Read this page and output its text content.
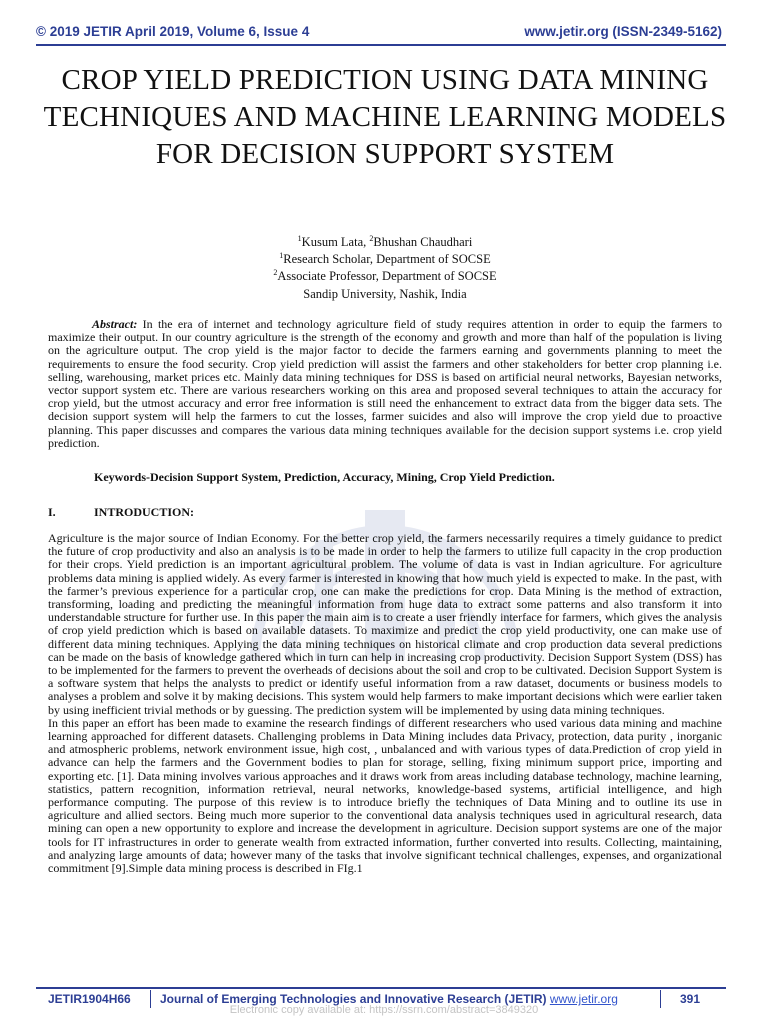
© 2019 JETIR April 2019, Volume 6, Issue 4	www.jetir.org (ISSN-2349-5162)
CROP YIELD PREDICTION USING DATA MINING TECHNIQUES AND MACHINE LEARNING MODELS FOR DECISION SUPPORT SYSTEM
$^1$Kusum Lata, $^2$Bhushan Chaudhari
$^1$Research Scholar, Department of SOCSE
$^2$Associate Professor, Department of SOCSE
Sandip University, Nashik, India
Abstract: In the era of internet and technology agriculture field of study requires attention in order to equip the farmers to maximize their output. In our country agriculture is the strength of the economy and growth and more than half of the population is living on the agriculture output. The crop yield is the major factor to decide the farmers earning and governments planning to meet the requirements to ensure the food security. Crop yield prediction will assist the farmers and other stakeholders for better crop planning i.e. selling, warehousing, market prices etc. Mainly data mining techniques for DSS is based on artificial neural networks, Bayesian networks, vector support system etc. There are various researchers working on this area and proposed several techniques to attain the accuracy for crop yield, but the utmost accuracy and error free information is still need the enhancement to extract data from the bigger data sets. The decision support system will help the farmers to cut the losses, farmer suicides and also will improve the crop yield due to proactive planning. This paper discusses and compares the various data mining techniques available for the decision support systems i.e. crop yield prediction.
Keywords-Decision Support System, Prediction, Accuracy, Mining, Crop Yield Prediction.
I.	INTRODUCTION:

Agriculture is the major source of Indian Economy. For the better crop yield, the farmers necessarily requires a timely guidance to predict the future of crop productivity and also an analysis is to be made in order to help the farmers to utilize full capacity in the crop production for their crops. Yield prediction is an important agricultural problem. The volume of data is vast in Indian agriculture. For agriculture problems data mining is applied widely. As every farmer is interested in knowing that how much yield is expected to make. In the past, with the farmer’s previous experience for a particular crop, one can make the predictions for crop. Data Mining is the method of extraction, transforming, loading and predicting the meaningful information from huge data to extract some patterns and also transform it into understandable structure for further use. In this paper the main aim is to create a user friendly interface for farmers, which gives the analysis of crop yield prediction which is based on available datasets. To maximize and predict the crop yield productivity, one can make use of different data mining techniques. Applying the data mining techniques on historical climate and crop production data several predictions can be made on the basis of knowledge gathered which in turn can help in increasing crop productivity. Decision Support System (DSS) has to be implemented for the farmers to prevent the overheads of decisions about the soil and crop to be cultivated. Decision Support System is a software system that helps the analysts to predict or identify useful information from a raw dataset, documents or business models to analyses a problem and solve it by making decisions. This system would help farmers to make important decisions which were earlier taken by using inefficient trivial methods or by guessing. The prediction system will be implemented by using data mining techniques.

In this paper an effort has been made to examine the research findings of different researchers who used various data mining and machine learning approached for different datasets. Challenging problems in Data Mining includes data Privacy, protection, data purity , inorganic and atmospheric problems, network environment issue, high cost, , unbalanced and with various types of data.Prediction of crop yield in advance can help the farmers and the Government bodies to plan for storage, selling, fixing minimum support price, importing and exporting etc. [1]. Data mining involves various approaches and it draws work from areas including database technology, machine learning, statistics, pattern recognition, information retrieval, neural networks, knowledge-based systems, artificial intelligence, and high performance computing. The purpose of this review is to introduce briefly the techniques of Data Mining and to outline its use in agriculture and allied sectors. Being much more superior to the conventional data analysis techniques used in agricultural research, data mining can open a new opportunity to explore and increase the development in agriculture. Decision support systems are one of the major tools for IT infrastructures in order to generate wealth from extracted information, further converted into results. Collecting, maintaining, and analyzing large amounts of data; however many of the tasks that involve significant technical challenges, expenses, and organizational commitment [9].Simple data mining process is described in FIg.1

JETIR1904H66 Journal of Emerging Technologies and Innovative Research (JETIR) www.jetir.org	391
Electronic copy available at: https://ssrn.com/abstract=3849320
